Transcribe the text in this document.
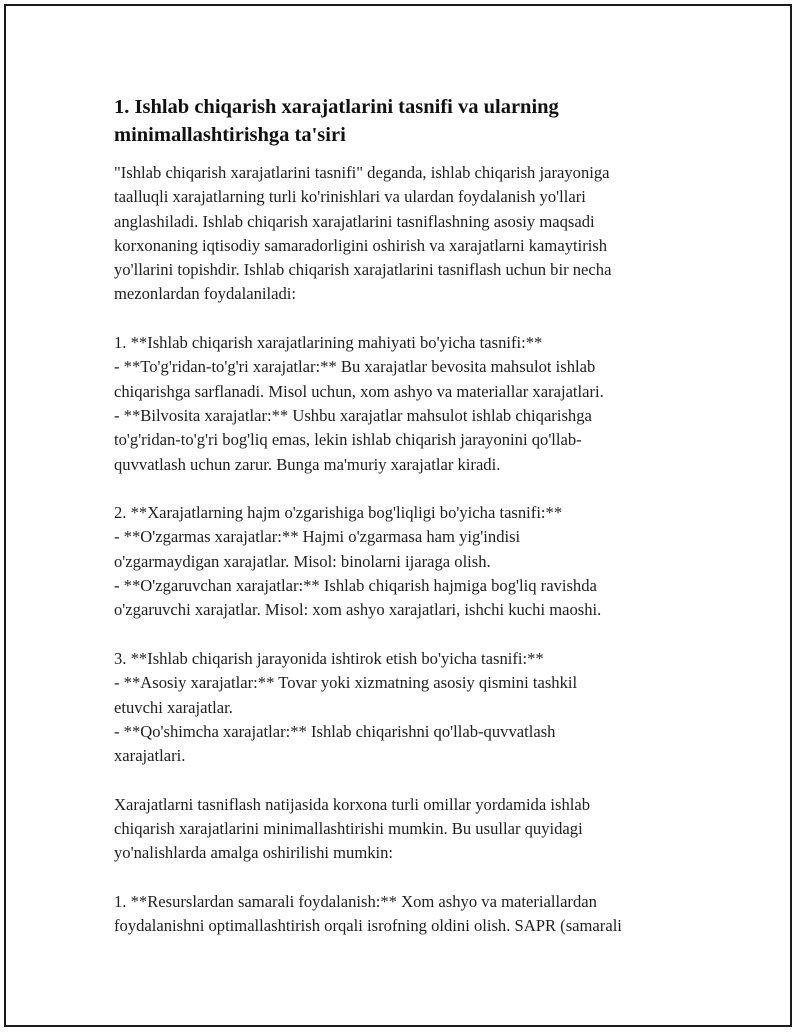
1. Ishlab chiqarish xarajatlarini tasnifi va ularning
minimallashtirishga ta'siri

"Ishlab chiqarish xarajatlarini tasnifi" deganda, ishlab chiqarish jarayoniga
taalluqli xarajatlarning turli ko'rinishlari va ulardan foydalanish yo'llari
anglashiladi. Ishlab chiqarish xarajatlarini tasniflashning asosiy maqsadi
korxonaning iqtisodiy samaradorligini oshirish va xarajatlarni kamaytirish
yo'llarini topishdir. Ishlab chiqarish xarajatlarini tasniflash uchun bir necha
mezonlardan foydalaniladi:

1. **Ishlab chiqarish xarajatlarining mahiyati bo'yicha tasnifi:**
- **To'g'ridan-to'g'ri xarajatlar:** Bu xarajatlar bevosita mahsulot ishlab
chiqarishga sarflanadi. Misol uchun, xom ashyo va materiallar xarajatlari.
- **Bilvosita xarajatlar:** Ushbu xarajatlar mahsulot ishlab chiqarishga
to'g'ridan-to'g'ri bog'liq emas, lekin ishlab chiqarish jarayonini qo'llab-
quvvatlash uchun zarur. Bunga ma'muriy xarajatlar kiradi.

2. **Xarajatlarning hajm o'zgarishiga bog'liqligi bo'yicha tasnifi:**
- **O'zgarmas xarajatlar:** Hajmi o'zgarmasa ham yig'indisi
o'zgarmaydigan xarajatlar. Misol: binolarni ijaraga olish.
- **O'zgaruvchan xarajatlar:** Ishlab chiqarish hajmiga bog'liq ravishda
o'zgaruvchi xarajatlar. Misol: xom ashyo xarajatlari, ishchi kuchi maoshi.

3. **Ishlab chiqarish jarayonida ishtirok etish bo'yicha tasnifi:**
- **Asosiy xarajatlar:** Tovar yoki xizmatning asosiy qismini tashkil
etuvchi xarajatlar.
- **Qo'shimcha xarajatlar:** Ishlab chiqarishni qo'llab-quvvatlash
xarajatlari.

Xarajatlarni tasniflash natijasida korxona turli omillar yordamida ishlab
chiqarish xarajatlarini minimallashtirishi mumkin. Bu usullar quyidagi
yo'nalishlarda amalga oshirilishi mumkin:

1. **Resurslardan samarali foydalanish:** Xom ashyo va materiallardan
foydalanishni optimallashtirish orqali isrofning oldini olish. SAPR (samarali
